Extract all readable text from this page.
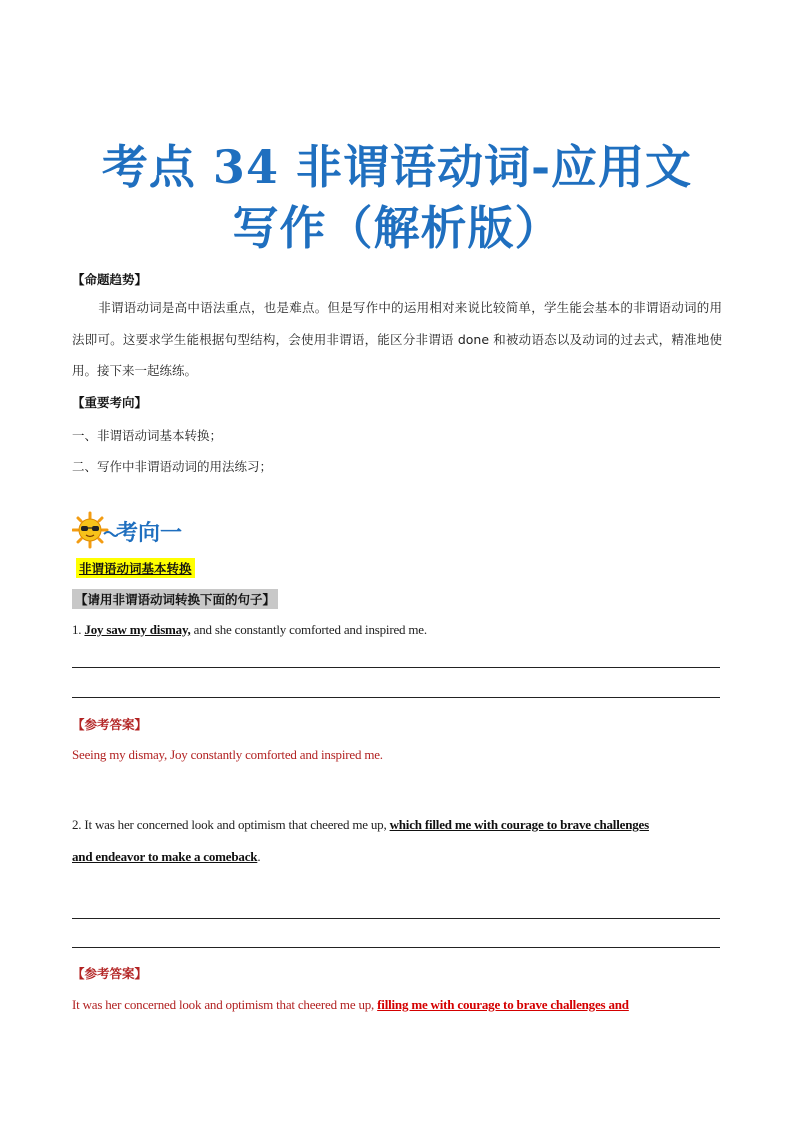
考点 34 非谓语动词-应用文
写作（解析版）
【命题趋势】

非谓语动词是高中语法重点，也是难点。但是写作中的运用相对来说比较简单，学生能会基本的非谓语动词的用法即可。这要求学生能根据句型结构，会使用非谓语，能区分非谓语 done 和被动语态以及动词的过去式，精准地使用。接下来一起练练。

【重要考向】
一、非谓语动词基本转换；
二、写作中非谓语动词的用法练习；
考向一
非谓语动词基本转换
【请用非谓语动词转换下面的句子】

1. Joy saw my dismay, and she constantly comforted and inspired me.

【参考答案】

Seeing my dismay, Joy constantly comforted and inspired me.

2. It was her concerned look and optimism that cheered me up, which filled me with courage to brave challenges
and endeavor to make a comeback.

【参考答案】

It was her concerned look and optimism that cheered me up, filling me with courage to brave challenges and
